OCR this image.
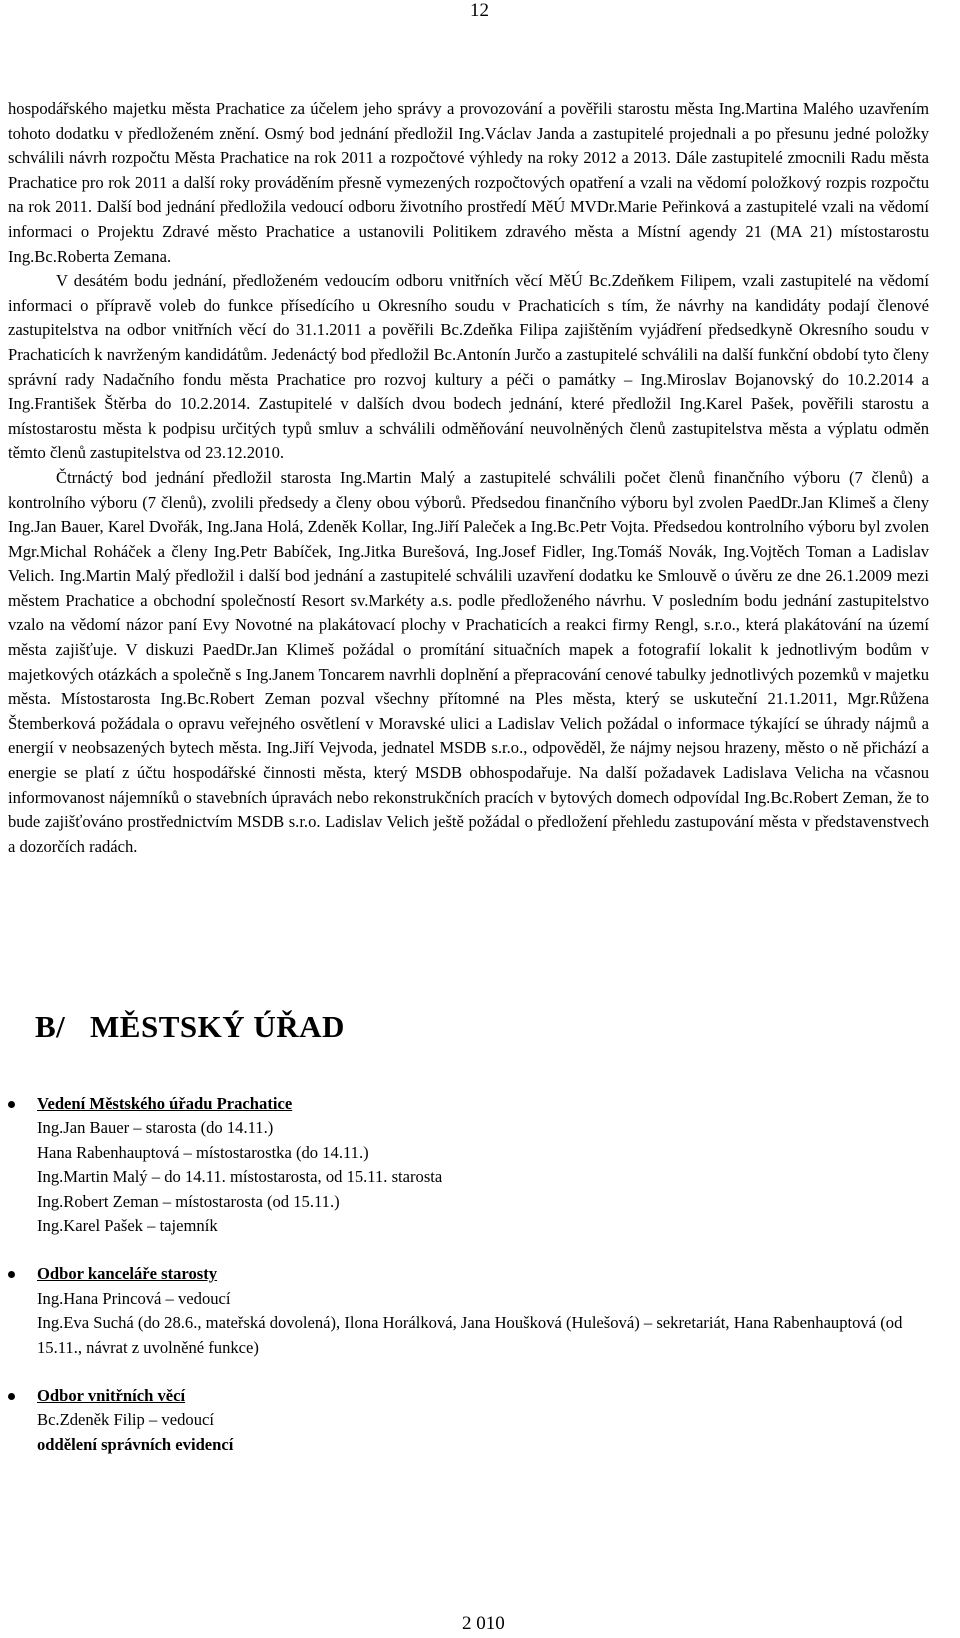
12

hospodářského majetku města Prachatice za účelem jeho správy a provozování a pověřili starostu města Ing.Martina Malého uzavřením tohoto dodatku v předloženém znění. Osmý bod jednání předložil Ing.Václav Janda a zastupitelé projednali a po přesunu jedné položky schválili návrh rozpočtu Města Prachatice na rok 2011 a rozpočtové výhledy na roky 2012 a 2013. Dále zastupitelé zmocnili Radu města Prachatice pro rok 2011 a další roky prováděním přesně vymezených rozpočtových opatření a vzali na vědomí položkový rozpis rozpočtu na rok 2011. Další bod jednání předložila vedoucí odboru životního prostředí MěÚ MVDr.Marie Peřinková a zastupitelé vzali na vědomí informaci o Projektu Zdravé město Prachatice a ustanovili Politikem zdravého města a Místní agendy 21 (MA 21) místostarostu Ing.Bc.Roberta Zemana.

V desátém bodu jednání, předloženém vedoucím odboru vnitřních věcí MěÚ Bc.Zdeňkem Filipem, vzali zastupitelé na vědomí informaci o přípravě voleb do funkce přísedícího u Okresního soudu v Prachaticích s tím, že návrhy na kandidáty podají členové zastupitelstva na odbor vnitřních věcí do 31.1.2011 a pověřili Bc.Zdeňka Filipa zajištěním vyjádření předsedkyně Okresního soudu v Prachaticích k navrženým kandidátům. Jedenáctý bod předložil Bc.Antonín Jurčo a zastupitelé schválili na další funkční období tyto členy správní rady Nadačního fondu města Prachatice pro rozvoj kultury a péči o památky – Ing.Miroslav Bojanovský do 10.2.2014 a Ing.František Štěrba do 10.2.2014. Zastupitelé v dalších dvou bodech jednání, které předložil Ing.Karel Pašek, pověřili starostu a místostarostu města k podpisu určitých typů smluv a schválili odměňování neuvolněných členů zastupitelstva města a výplatu odměn těmto členů zastupitelstva od 23.12.2010.

Čtrnáctý bod jednání předložil starosta Ing.Martin Malý a zastupitelé schválili počet členů finančního výboru (7 členů) a kontrolního výboru (7 členů), zvolili předsedy a členy obou výborů. Předsedou finančního výboru byl zvolen PaedDr.Jan Klimeš a členy Ing.Jan Bauer, Karel Dvořák, Ing.Jana Holá, Zdeněk Kollar, Ing.Jiří Paleček a Ing.Bc.Petr Vojta. Předsedou kontrolního výboru byl zvolen Mgr.Michal Roháček a členy Ing.Petr Babíček, Ing.Jitka Burešová, Ing.Josef Fidler, Ing.Tomáš Novák, Ing.Vojtěch Toman a Ladislav Velich. Ing.Martin Malý předložil i další bod jednání a zastupitelé schválili uzavření dodatku ke Smlouvě o úvěru ze dne 26.1.2009 mezi městem Prachatice a obchodní společností Resort sv.Markéty a.s. podle předloženého návrhu. V posledním bodu jednání zastupitelstvo vzalo na vědomí názor paní Evy Novotné na plakátovací plochy v Prachaticích a reakci firmy Rengl, s.r.o., která plakátování na území města zajišťuje. V diskuzi PaedDr.Jan Klimeš požádal o promítání situačních mapek a fotografií lokalit k jednotlivým bodům v majetkových otázkách a společně s Ing.Janem Toncarem navrhli doplnění a přepracování cenové tabulky jednotlivých pozemků v majetku města. Místostarosta Ing.Bc.Robert Zeman pozval všechny přítomné na Ples města, který se uskuteční 21.1.2011, Mgr.Růžena Štemberková požádala o opravu veřejného osvětlení v Moravské ulici a Ladislav Velich požádal o informace týkající se úhrady nájmů a energií v neobsazených bytech města. Ing.Jiří Vejvoda, jednatel MSDB s.r.o., odpověděl, že nájmy nejsou hrazeny, město o ně přichází a energie se platí z účtu hospodářské činnosti města, který MSDB obhospodařuje. Na další požadavek Ladislava Velicha na včasnou informovanost nájemníků o stavebních úpravách nebo rekonstrukčních pracích v bytových domech odpovídal Ing.Bc.Robert Zeman, že to bude zajišťováno prostřednictvím MSDB s.r.o. Ladislav Velich ještě požádal o předložení přehledu zastupování města v představenstvech a dozorčích radách.

B/   MĚSTSKÝ ÚŘAD
Vedení Městského úřadu Prachatice
Ing.Jan Bauer – starosta (do 14.11.)
Hana Rabenhauptová – místostarostka (do 14.11.)
Ing.Martin Malý – do 14.11. místostarosta, od 15.11. starosta
Ing.Robert Zeman – místostarosta (od 15.11.)
Ing.Karel Pašek – tajemník
Odbor kanceláře starosty
Ing.Hana Princová – vedoucí
Ing.Eva Suchá (do 28.6., mateřská dovolená), Ilona Horálková, Jana Houšková (Hulešová) – sekretariát, Hana Rabenhauptová (od 15.11., návrat z uvolněné funkce)
Odbor vnitřních věcí
Bc.Zdeněk Filip – vedoucí
oddělení správních evidencí
2 010
